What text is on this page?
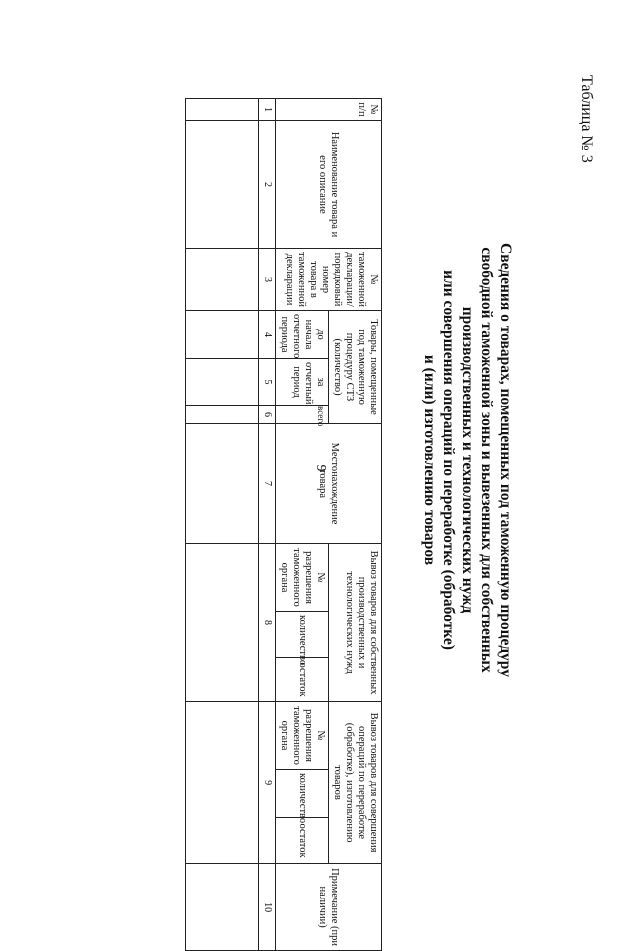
9
Таблица № 3
Сведения о товарах, помещенных под таможенную процедуру
свободной таможенной зоны и вывезенных для собственных
производственных и технологических нужд
или совершения операций по переработке (обработке)
и (или) изготовлению товаров
№ п/п	Наименование товара и его описание	№ таможенной декларации/ порядковый номер товара в таможенной декларации	Товары, помещенные под таможенную процедуру СТЗ (количество)			Местонахождение товара	Вывоз товаров для собственных производственных и технологических нужд			Вывоз товаров для совершения операций по переработке (обработке), изготовлению товаров			Примечание (при наличии)
			до начала отчетного периода	за отчетный период	всего		№ разрешения таможенного органа	количество	остаток	№ разрешения таможенного органа	количество	остаток	
1	2	3	4	5	6	7	8			9			10
